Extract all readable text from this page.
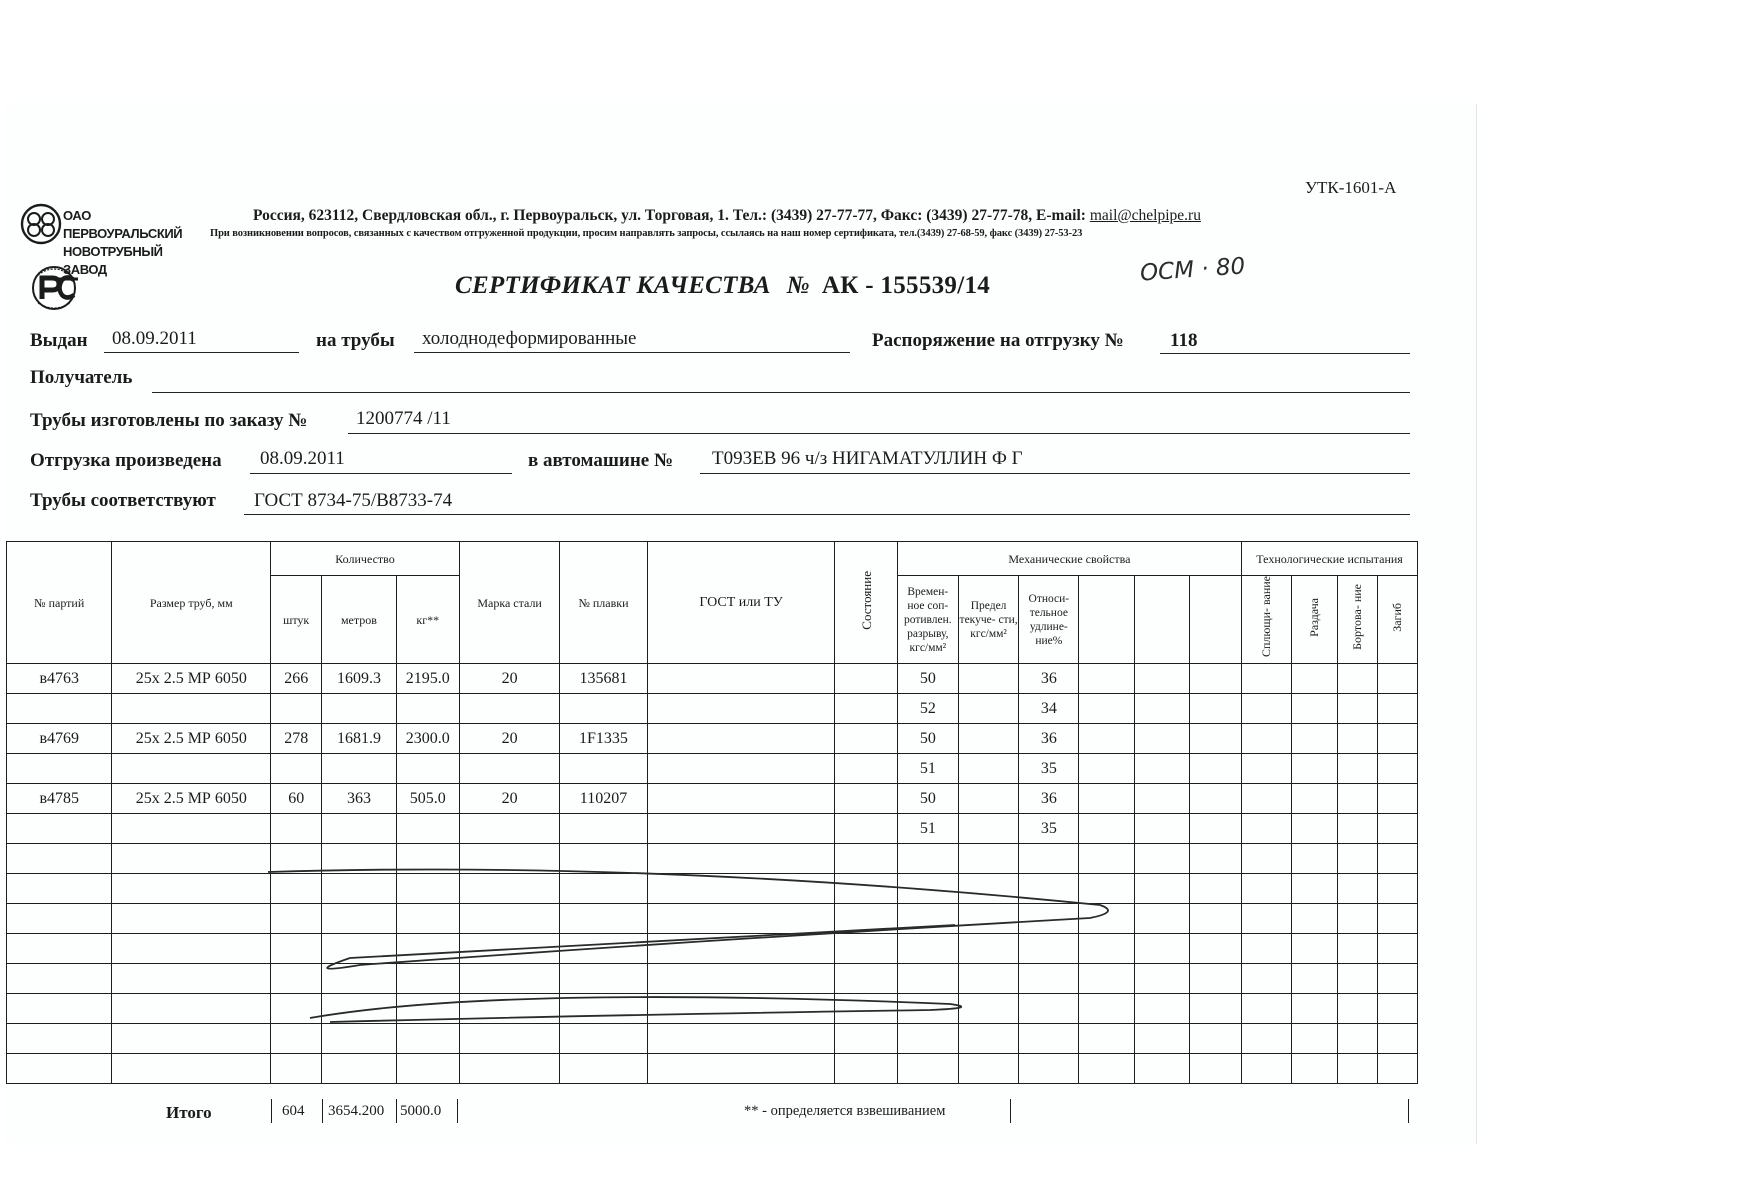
УТК-1601-А
ОАО ПЕРВОУРАЛЬСКИЙ
НОВОТРУБНЫЙ ЗАВОД
Россия, 623112, Свердловская обл., г. Первоуральск, ул. Торговая, 1. Тел.: (3439) 27-77-77, Факс: (3439) 27-77-78, E-mail: mail@chelpipe.ru
При возникновении вопросов, связанных с качеством отгруженной продукции, просим направлять запросы, ссылаясь на наш номер сертификата, тел.(3439) 27-68-59, факс (3439) 27-53-23
СЕРТИФИКАТ КАЧЕСТВА № АК - 155539/14	ОСМ · 80
Выдан 08.09.2011	на трубы холоднодеформированные	Распоряжение на отгрузку № 118
Получатель
Трубы изготовлены по заказу №	1200774 /11
Отгрузка произведена 08.09.2011	в автомашине № Т093ЕВ 96 ч/з НИГАМАТУЛЛИН Ф Г
Трубы соответствуют ГОСТ 8734-75/В8733-74
№ партий	Размер труб, мм	Количество			Марка стали	№ плавки	ГОСТ или ТУ	Состояние	Механические свойства						Технологические испытания			
		штук	метров	кг**					Времен- ное соп- ротивлен. разрыву, кгс/мм²	Предел текуче- сти, кгс/мм²	Относи- тельное удлине- ние%				Сплющи- вание	Раздача	Бортова- ние	Загиб
в4763	25х 2.5 МР 6050	266	1609.3	2195.0	20	135681			50		36							
									52		34							
в4769	25х 2.5 МР 6050	278	1681.9	2300.0	20	1F1335			50		36							
									51		35							
в4785	25х 2.5 МР 6050	60	363	505.0	20	110207			50		36							
									51		35							

Итого	604 3654.200 5000.0	** - определяется взвешиванием
